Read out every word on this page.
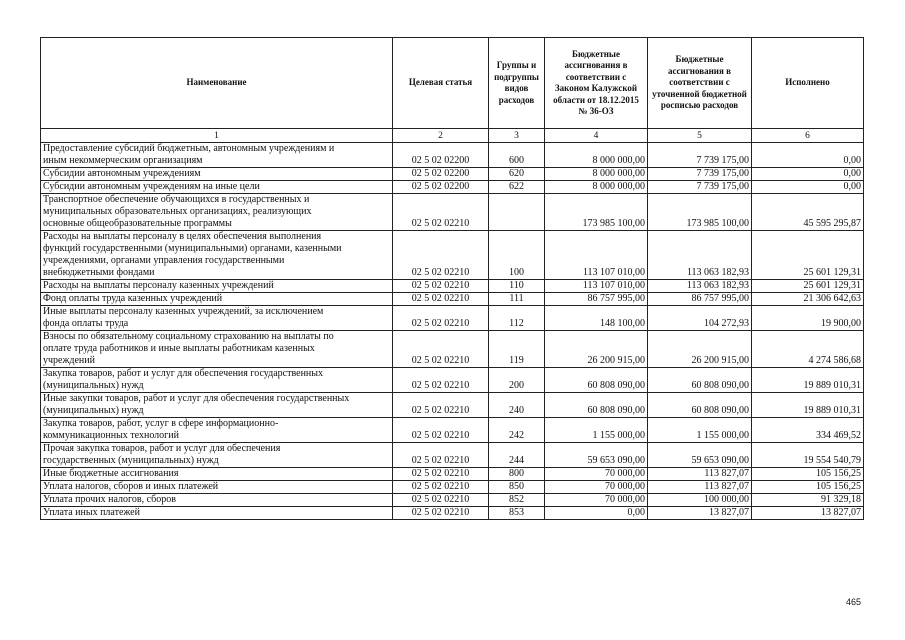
Наименование	Целевая статья	Группы и подгруппы видов расходов	Бюджетные ассигнования в соответствии с Законом Калужской области от 18.12.2015 № 36-ОЗ	Бюджетные ассигнования в соответствии с уточненной бюджетной росписью расходов	Исполнено
1	2	3	4	5	6
Предоставление субсидий бюджетным, автономным учреждениям и
иным некоммерческим организациям	02 5 02 02200	600	8 000 000,00	7 739 175,00	0,00
Субсидии автономным учреждениям	02 5 02 02200	620	8 000 000,00	7 739 175,00	0,00
Субсидии автономным учреждениям на иные цели	02 5 02 02200	622	8 000 000,00	7 739 175,00	0,00
Транспортное обеспечение обучающихся в государственных и
муниципальных образовательных организациях, реализующих
основные общеобразовательные программы	02 5 02 02210		173 985 100,00	173 985 100,00	45 595 295,87
Расходы на выплаты персоналу в целях обеспечения выполнения
функций государственными (муниципальными) органами, казенными
учреждениями, органами управления государственными
внебюджетными фондами	02 5 02 02210	100	113 107 010,00	113 063 182,93	25 601 129,31
Расходы на выплаты персоналу казенных учреждений	02 5 02 02210	110	113 107 010,00	113 063 182,93	25 601 129,31
Фонд оплаты труда казенных учреждений	02 5 02 02210	111	86 757 995,00	86 757 995,00	21 306 642,63
Иные выплаты персоналу казенных учреждений, за исключением
фонда оплаты труда	02 5 02 02210	112	148 100,00	104 272,93	19 900,00
Взносы по обязательному социальному страхованию на выплаты по
оплате труда работников и иные выплаты работникам казенных
учреждений	02 5 02 02210	119	26 200 915,00	26 200 915,00	4 274 586,68
Закупка товаров, работ и услуг для обеспечения государственных
(муниципальных) нужд	02 5 02 02210	200	60 808 090,00	60 808 090,00	19 889 010,31
Иные закупки товаров, работ и услуг для обеспечения государственных
(муниципальных) нужд	02 5 02 02210	240	60 808 090,00	60 808 090,00	19 889 010,31
Закупка товаров, работ, услуг в сфере информационно-
коммуникационных технологий	02 5 02 02210	242	1 155 000,00	1 155 000,00	334 469,52
Прочая закупка товаров, работ и услуг для обеспечения
государственных (муниципальных) нужд	02 5 02 02210	244	59 653 090,00	59 653 090,00	19 554 540,79
Иные бюджетные ассигнования	02 5 02 02210	800	70 000,00	113 827,07	105 156,25
Уплата налогов, сборов и иных платежей	02 5 02 02210	850	70 000,00	113 827,07	105 156,25
Уплата прочих налогов, сборов	02 5 02 02210	852	70 000,00	100 000,00	91 329,18
Уплата иных платежей	02 5 02 02210	853	0,00	13 827,07	13 827,07
465
